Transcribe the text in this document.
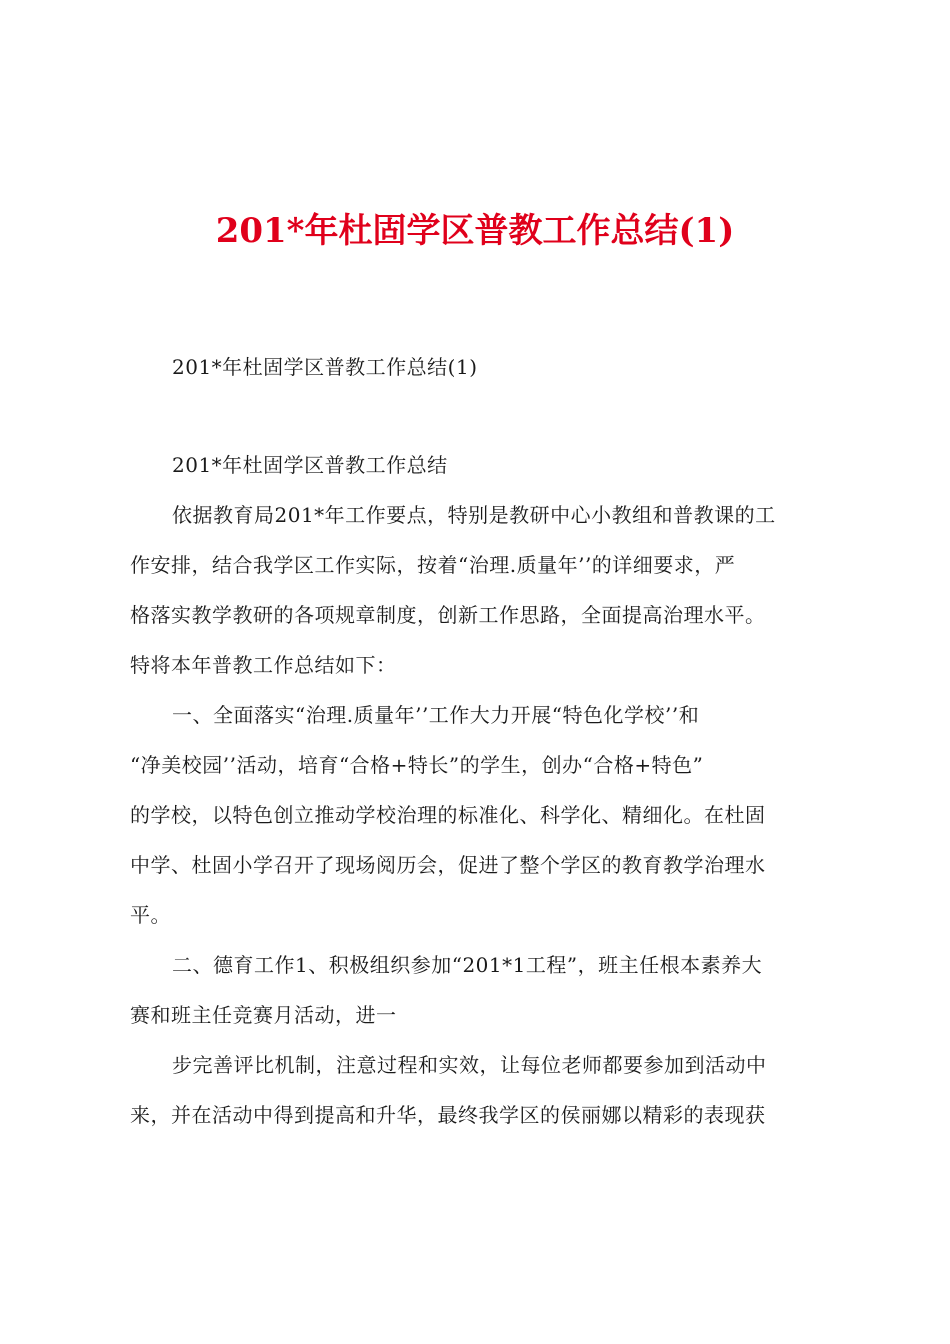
201*年杜固学区普教工作总结(1)
201*年杜固学区普教工作总结(1)
201*年杜固学区普教工作总结
依据教育局201*年工作要点，特别是教研中心小教组和普教课的工
作安排，结合我学区工作实际，按着“治理.质量年’’的详细要求，严
格落实教学教研的各项规章制度，创新工作思路，全面提高治理水平。
特将本年普教工作总结如下：
一、全面落实“治理.质量年’’工作大力开展“特色化学校’’和
“净美校园’’活动，培育“合格+特长”的学生，创办“合格+特色”
的学校，以特色创立推动学校治理的标准化、科学化、精细化。在杜固
中学、杜固小学召开了现场阅历会，促进了整个学区的教育教学治理水
平。
二、德育工作1、积极组织参加“201*1工程”，班主任根本素养大
赛和班主任竞赛月活动，进一
步完善评比机制，注意过程和实效，让每位老师都要参加到活动中
来，并在活动中得到提高和升华，最终我学区的侯丽娜以精彩的表现获
